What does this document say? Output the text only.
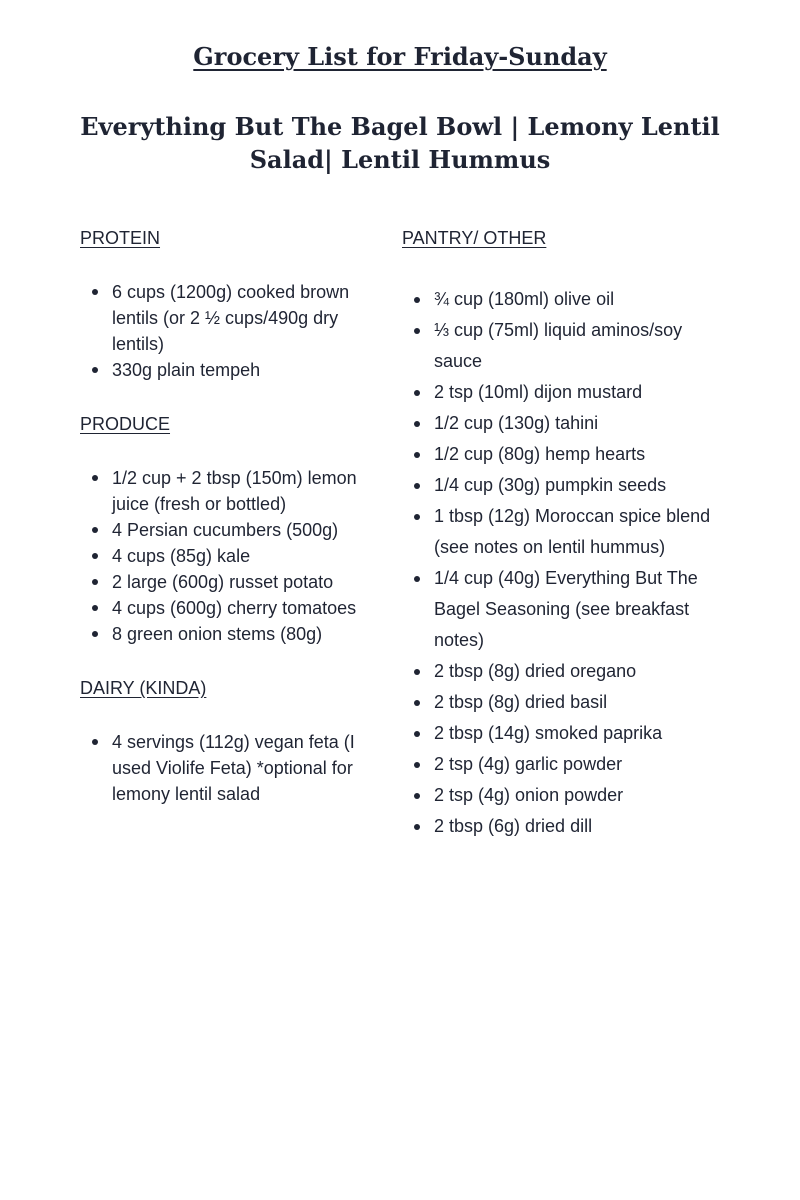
Grocery List for Friday-Sunday
Everything But The Bagel Bowl | Lemony Lentil Salad| Lentil Hummus
PROTEIN
6 cups (1200g) cooked brown lentils (or 2 ½ cups/490g dry lentils)
330g plain tempeh
PRODUCE
1/2 cup + 2 tbsp (150m) lemon juice (fresh or bottled)
4 Persian cucumbers (500g)
4 cups (85g) kale
2 large (600g) russet potato
4 cups (600g) cherry tomatoes
8 green onion stems (80g)
DAIRY (KINDA)
4 servings (112g) vegan feta (I used Violife Feta) *optional for lemony lentil salad
PANTRY/ OTHER
¾ cup (180ml) olive oil
⅓ cup (75ml) liquid aminos/soy sauce
2 tsp (10ml) dijon mustard
1/2 cup (130g) tahini
1/2 cup (80g) hemp hearts
1/4 cup (30g) pumpkin seeds
1 tbsp (12g) Moroccan spice blend (see notes on lentil hummus)
1/4 cup (40g) Everything But The Bagel Seasoning (see breakfast notes)
2 tbsp (8g) dried oregano
2 tbsp (8g) dried basil
2 tbsp (14g) smoked paprika
2 tsp (4g) garlic powder
2 tsp (4g) onion powder
2 tbsp (6g) dried dill
